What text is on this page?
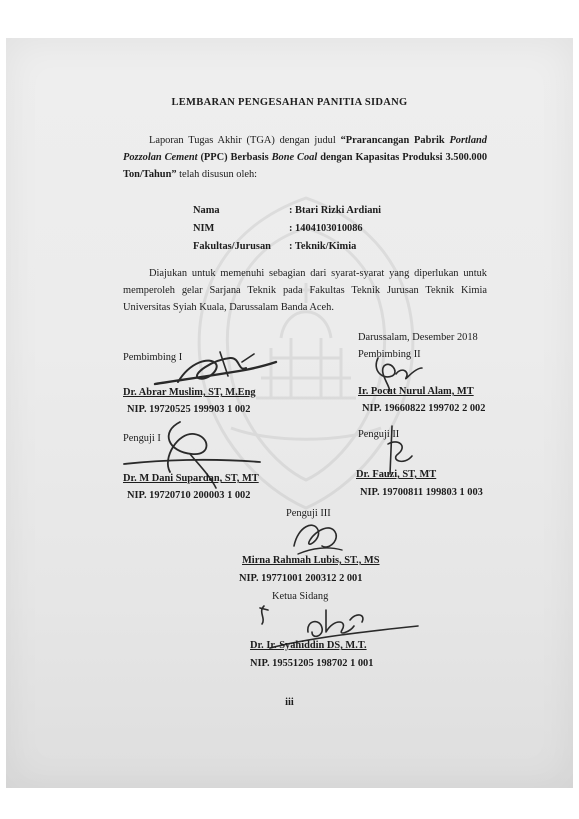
LEMBARAN PENGESAHAN PANITIA SIDANG
Laporan Tugas Akhir (TGA) dengan judul “Prarancangan Pabrik Portland Pozzolan Cement (PPC) Berbasis Bone Coal dengan Kapasitas Produksi 3.500.000 Ton/Tahun” telah disusun oleh:
Nama	: Btari Rizki Ardiani
NIM	: 1404103010086
Fakultas/Jurusan : Teknik/Kimia
Diajukan untuk memenuhi sebagian dari syarat-syarat yang diperlukan untuk memperoleh gelar Sarjana Teknik pada Fakultas Teknik Jurusan Teknik Kimia Universitas Syiah Kuala, Darussalam Banda Aceh.
Darussalam, Desember 2018
Pembimbing I
Dr. Abrar Muslim, ST, M.Eng
NIP. 19720525 199903 1 002
Pembimbing II
Ir. Pocut Nurul Alam, MT
NIP. 19660822 199702 2 002
Penguji I
Dr. M Dani Supardan, ST, MT
NIP. 19720710 200003 1 002
Penguji II
Dr. Fauzi, ST, MT
NIP. 19700811 199803 1 003
Penguji III
Mirna Rahmah Lubis, ST., MS
NIP. 19771001 200312 2 001
Ketua Sidang
Dr. Ir. Syahiddin DS, M.T.
NIP. 19551205 198702 1 001
iii
